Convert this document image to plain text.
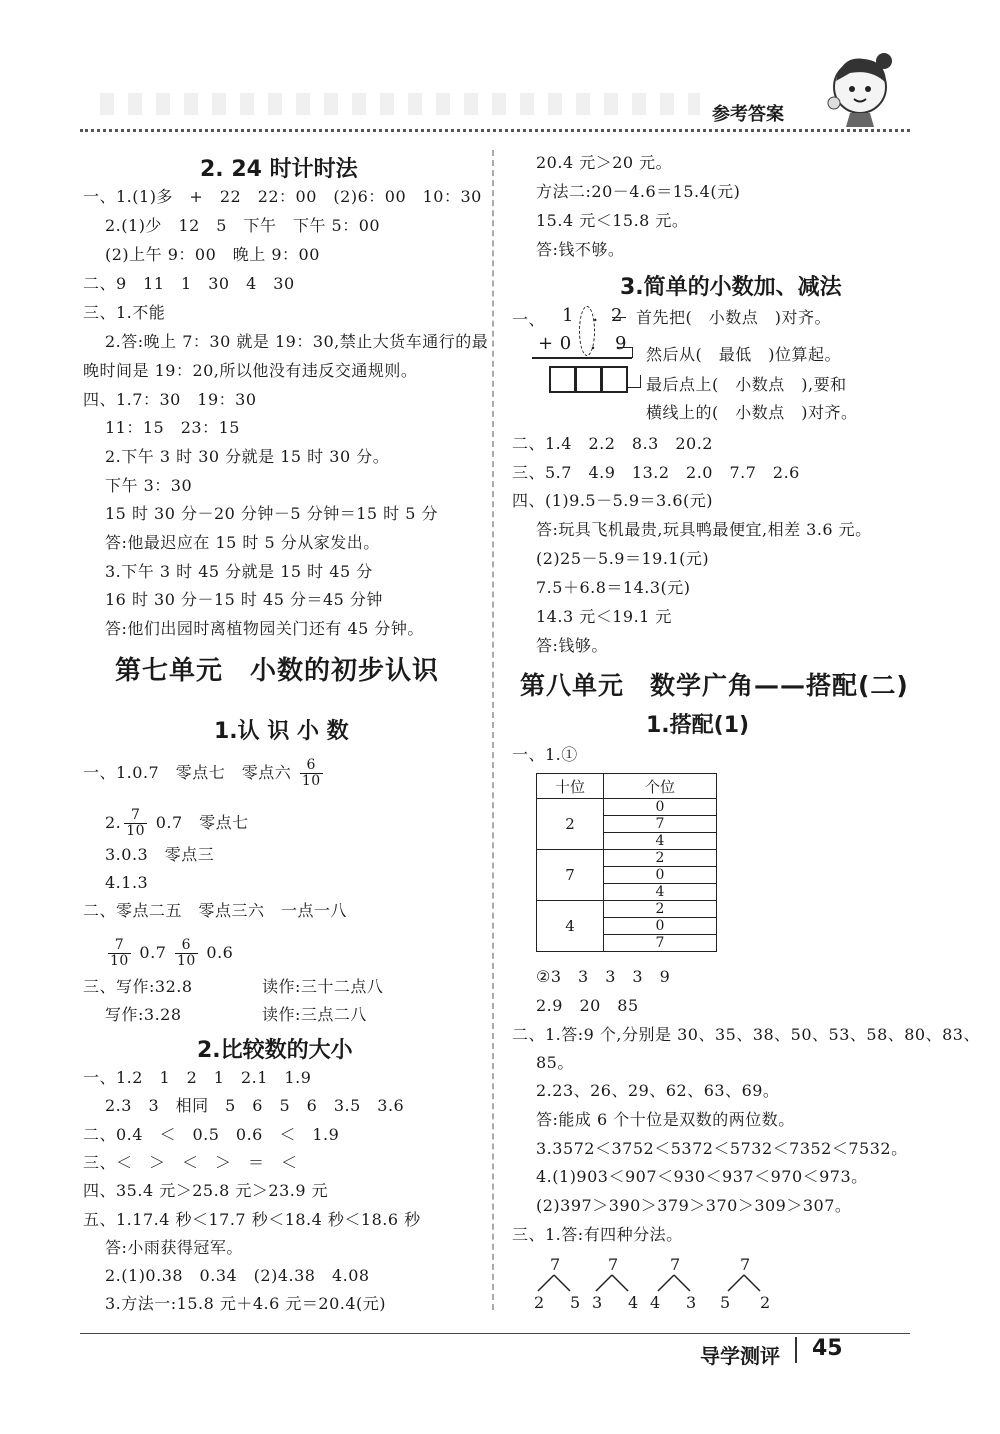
参考答案
2. 24 时计时法
一、1.(1)多　+　22　22：00　(2)6：00　10：30
2.(1)少　12　5　下午　下午 5：00
(2)上午 9：00　晚上 9：00
二、9　11　1　30　4　30
三、1.不能
2.答:晚上 7：30 就是 19：30,禁止大货车通行的最
晚时间是 19：20,所以他没有违反交通规则。
四、1.7：30　19：30
11：15　23：15
2.下午 3 时 30 分就是 15 时 30 分。
下午 3：30
15 时 30 分－20 分钟－5 分钟＝15 时 5 分
答:他最迟应在 15 时 5 分从家发出。
3.下午 3 时 45 分就是 15 时 45 分
16 时 30 分－15 时 45 分＝45 分钟
答:他们出园时离植物园关门还有 45 分钟。
第七单元　小数的初步认识
1.认 识 小 数
一、1.0.7　零点七　零点六 $\frac{6}{10}$
2. $\frac{7}{10} 0.7$　零点七
3.0.3　零点三
4.1.3
二、零点二五　零点三六　一点一八
$\frac{7}{10} 0.7 \frac{6}{10} 0.6$
三、写作:32.8	读作:三十二点八
写作:3.28	读作:三点二八
2.比较数的大小
一、1.2　1　2　1　2.1　1.9
2.3　3　相同　5　6　5　6　3.5　3.6
二、0.4　＜　0.5　0.6　＜　1.9
三、＜　＞　＜　＞　＝　＜
四、35.4 元＞25.8 元＞23.9 元
五、1.17.4 秒＜17.7 秒＜18.4 秒＜18.6 秒
答:小雨获得冠军。
2.(1)0.38　0.34　(2)4.38　4.08
3.方法一:15.8 元＋4.6 元＝20.4(元)
20.4 元＞20 元。
方法二:20－4.6＝15.4(元)
15.4 元＜15.8 元。
答:钱不够。
3.简单的小数加、减法
一、 1　．2
+ 0　． 9
首先把(　小数点　)对齐。
然后从(　最低　)位算起。
最后点上(　小数点　),要和
横线上的(　小数点　)对齐。
二、1.4　2.2　8.3　20.2
三、5.7　4.9　13.2　2.0　7.7　2.6
四、(1)9.5－5.9＝3.6(元)
答:玩具飞机最贵,玩具鸭最便宜,相差 3.6 元。
(2)25－5.9＝19.1(元)
7.5＋6.8＝14.3(元)
14.3 元＜19.1 元
答:钱够。
第八单元　数学广角——搭配(二)
1.搭配(1)
一、1.①
十位	个位
2	0
	7
	4
7	2
	0
	4
4	2
	0
	7
②3　3　3　3　9
2.9　20　85
二、1.答:9 个,分别是 30、35、38、50、53、58、80、83、
85。
2.23、26、29、62、63、69。
答:能成 6 个十位是双数的两位数。
3.3572＜3752＜5372＜5732＜7352＜7532。
4.(1)903＜907＜930＜937＜970＜973。
(2)397＞390＞379＞370＞309＞307。
三、1.答:有四种分法。
7
2 5
7
3 4
7
4 3
7
5 2
导学测评 45
